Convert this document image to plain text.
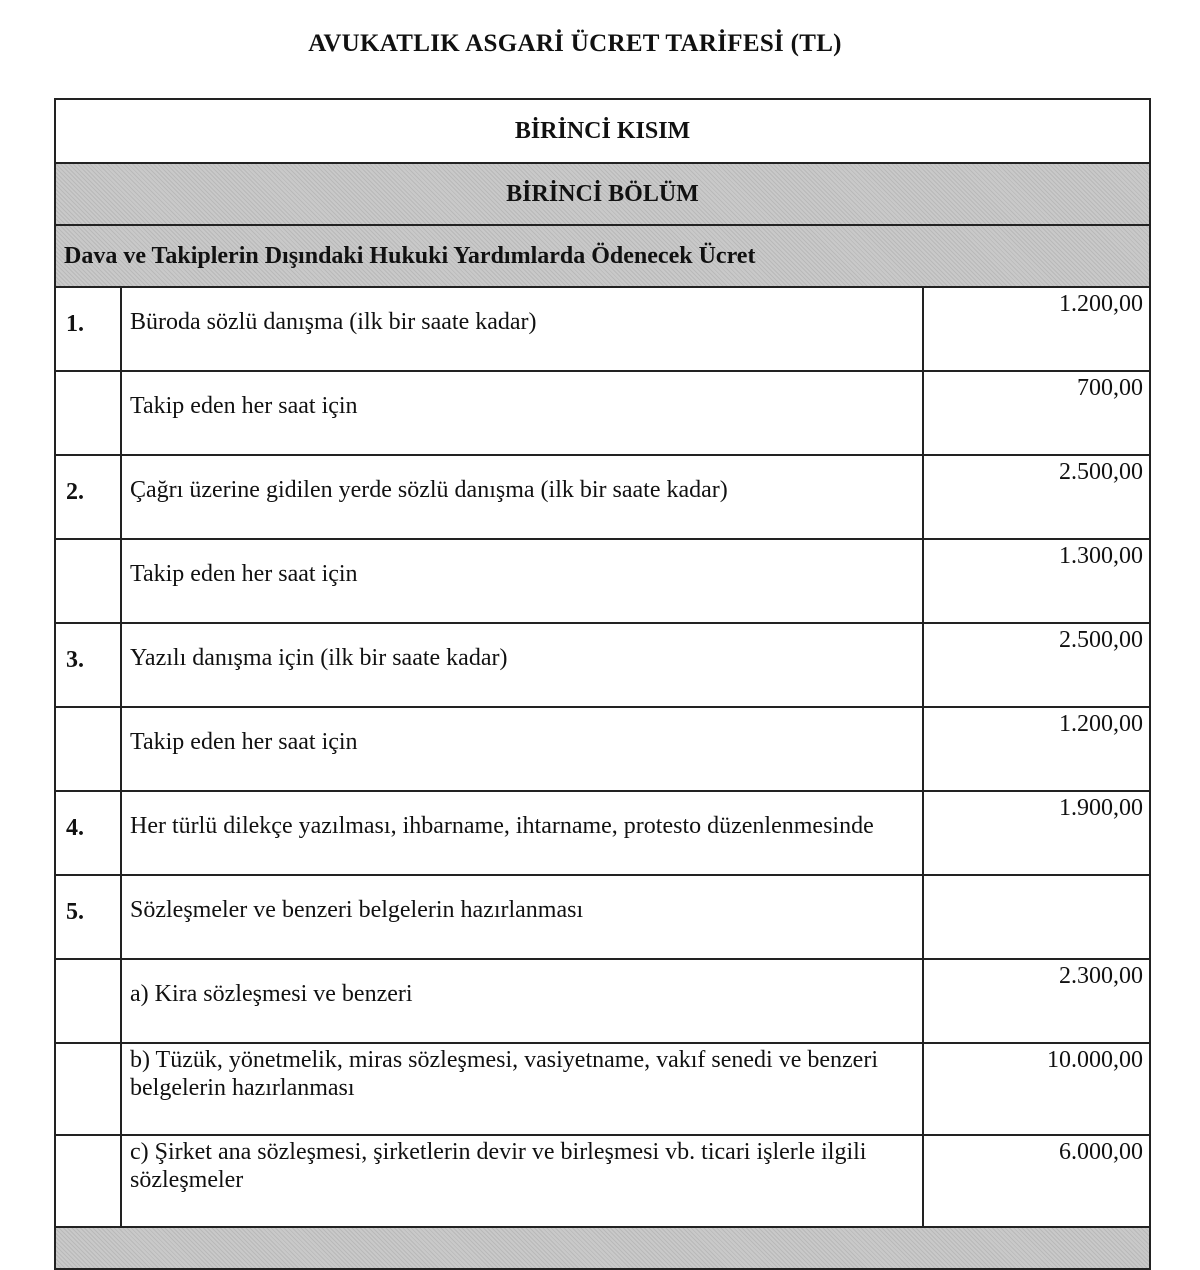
AVUKATLIK ASGARİ ÜCRET TARİFESİ (TL)
BİRİNCİ KISIM		
BİRİNCİ BÖLÜM		
Dava ve Takiplerin Dışındaki Hukuki Yardımlarda Ödenecek Ücret		
1.	Büroda sözlü danışma (ilk bir saate kadar)	1.200,00
	Takip eden her saat için	700,00
2.	Çağrı üzerine gidilen yerde sözlü danışma (ilk bir saate kadar)	2.500,00
	Takip eden her saat için	1.300,00
3.	Yazılı danışma için (ilk bir saate kadar)	2.500,00
	Takip eden her saat için	1.200,00
4.	Her türlü dilekçe yazılması, ihbarname, ihtarname, protesto düzenlenmesinde	1.900,00
5.	Sözleşmeler ve benzeri belgelerin hazırlanması	
	a) Kira sözleşmesi ve benzeri	2.300,00
	b) Tüzük, yönetmelik, miras sözleşmesi, vasiyetname, vakıf senedi ve benzeri belgelerin hazırlanması	10.000,00
	c) Şirket ana sözleşmesi, şirketlerin devir ve birleşmesi vb. ticari işlerle ilgili sözleşmeler	6.000,00
